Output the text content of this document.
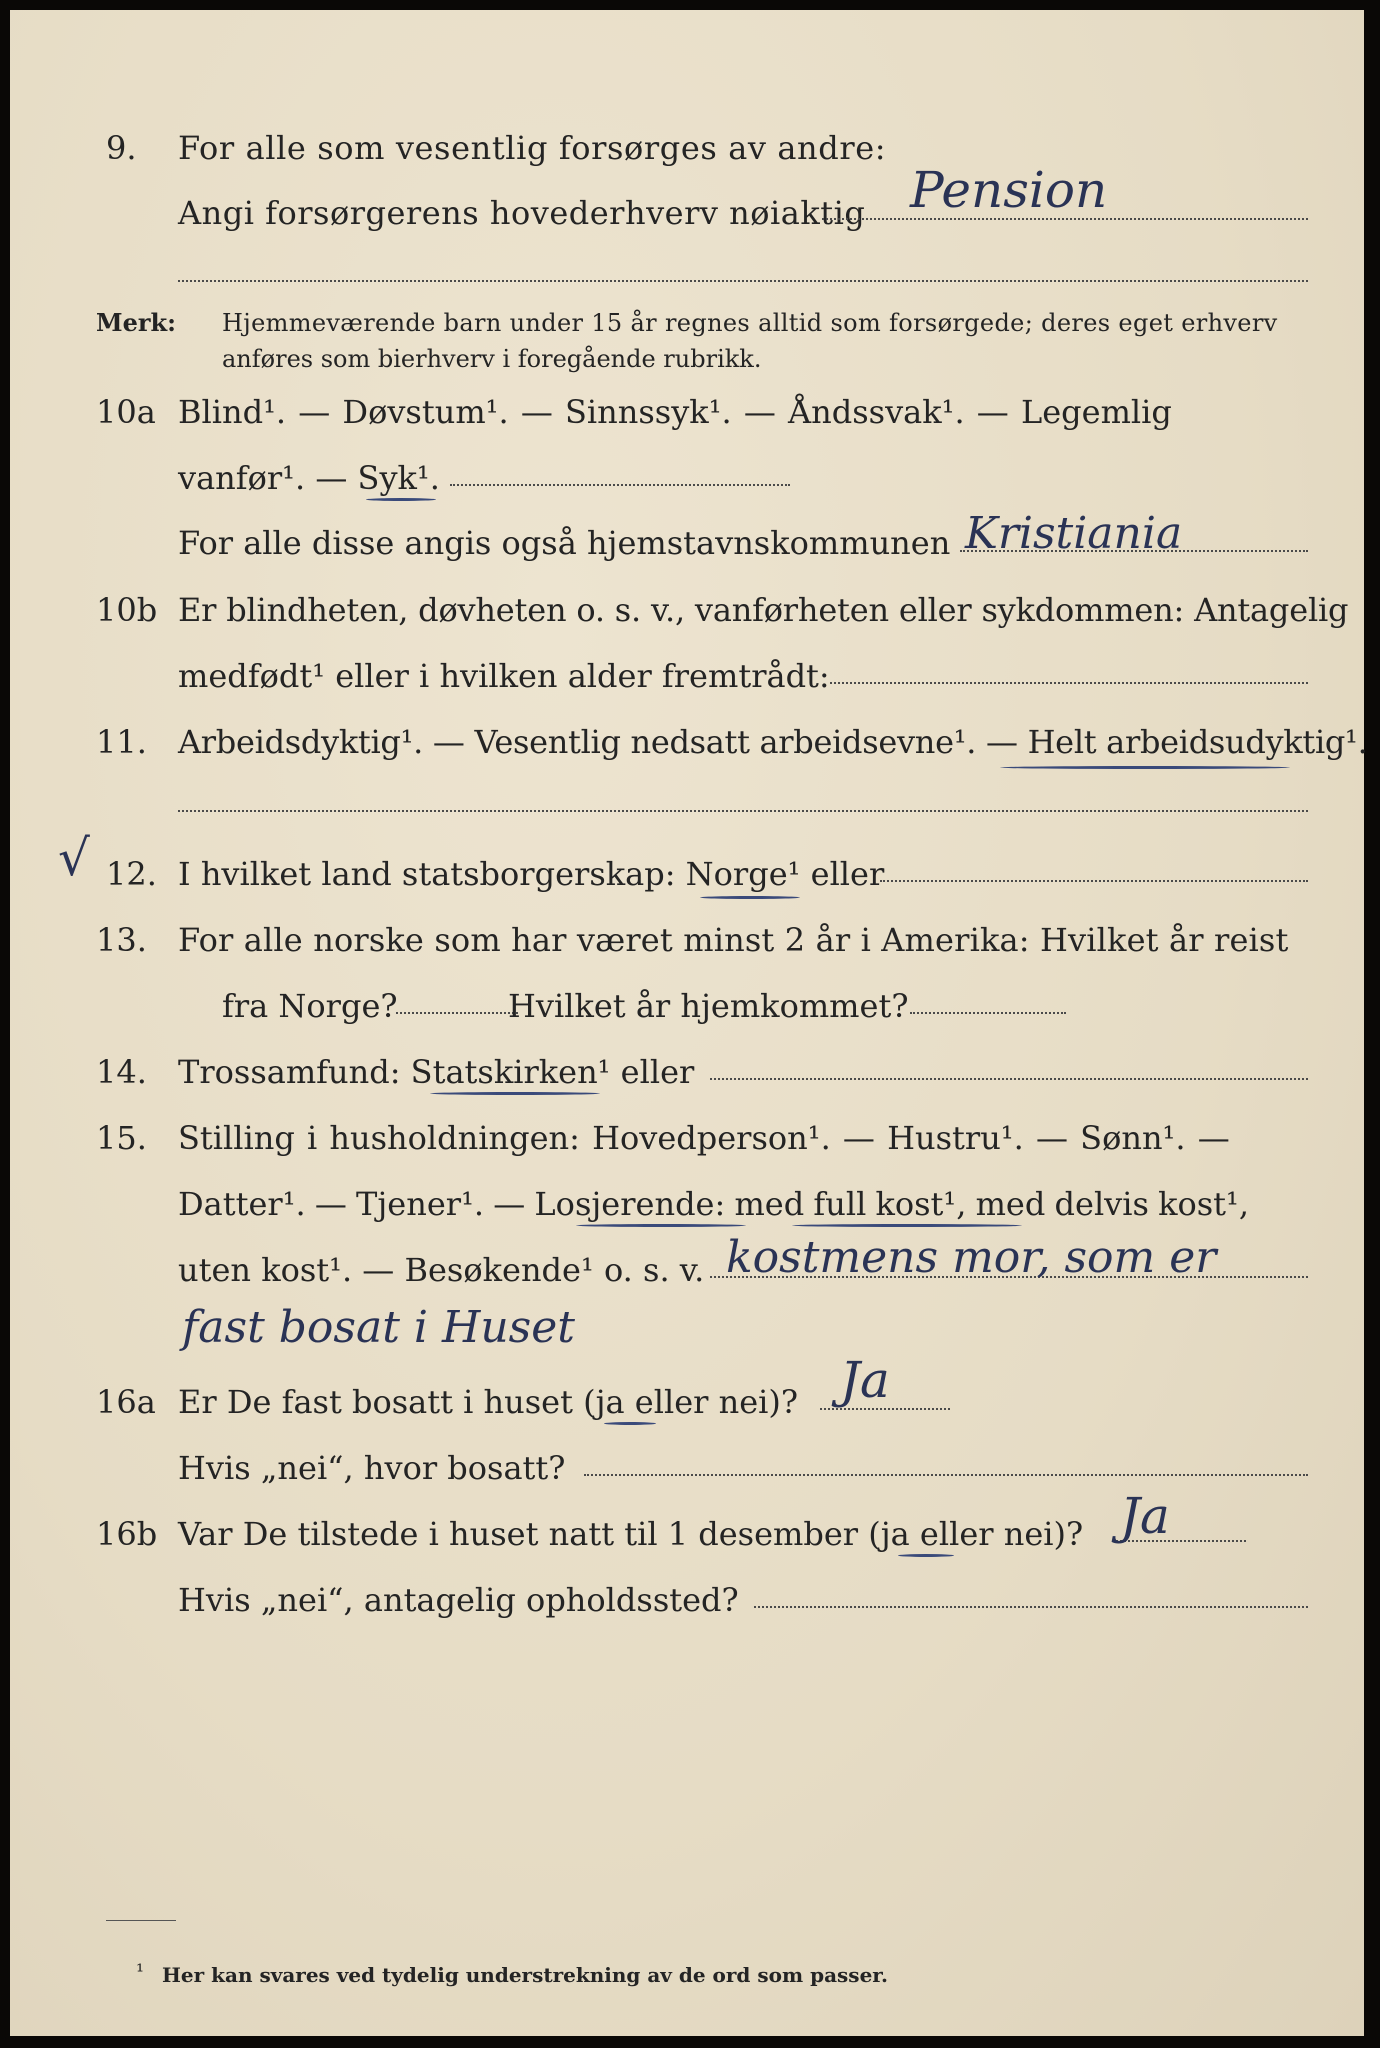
9. For alle som vesentlig forsørges av andre:
Angi forsørgerens hovederhverv nøiaktig Pension
Merk: Hjemmeværende barn under 15 år regnes alltid som forsørgede; deres eget erhverv
anføres som bierhverv i foregående rubrikk.
10a Blind¹. — Døvstum¹. — Sinnssyk¹. — Åndssvak¹. — Legemlig
vanfør¹. — Syk¹.
For alle disse angis også hjemstavnskommunen Kristiania
10b Er blindheten, døvheten o. s. v., vanførheten eller sykdommen: Antagelig
medfødt¹ eller i hvilken alder fremtrådt:
11. Arbeidsdyktig¹. — Vesentlig nedsatt arbeidsevne¹. — Helt arbeidsudyktig¹.
√ 12. I hvilket land statsborgerskap: Norge¹ eller
13. For alle norske som har været minst 2 år i Amerika: Hvilket år reist
fra Norge?	Hvilket år hjemkommet?
14. Trossamfund: Statskirken¹ eller
15. Stilling i husholdningen: Hovedperson¹. — Hustru¹. — Sønn¹. —
Datter¹. — Tjener¹. — Losjerende: med full kost¹, med delvis kost¹,
uten kost¹. — Besøkende¹ o. s. v. kostmens mor, som er
fast bosat i Huset
16a Er De fast bosatt i huset (ja eller nei)? Ja
Hvis „nei“, hvor bosatt?
16b Var De tilstede i huset natt til 1 desember (ja eller nei)? Ja
Hvis „nei“, antagelig opholdssted?
¹ Her kan svares ved tydelig understrekning av de ord som passer.
